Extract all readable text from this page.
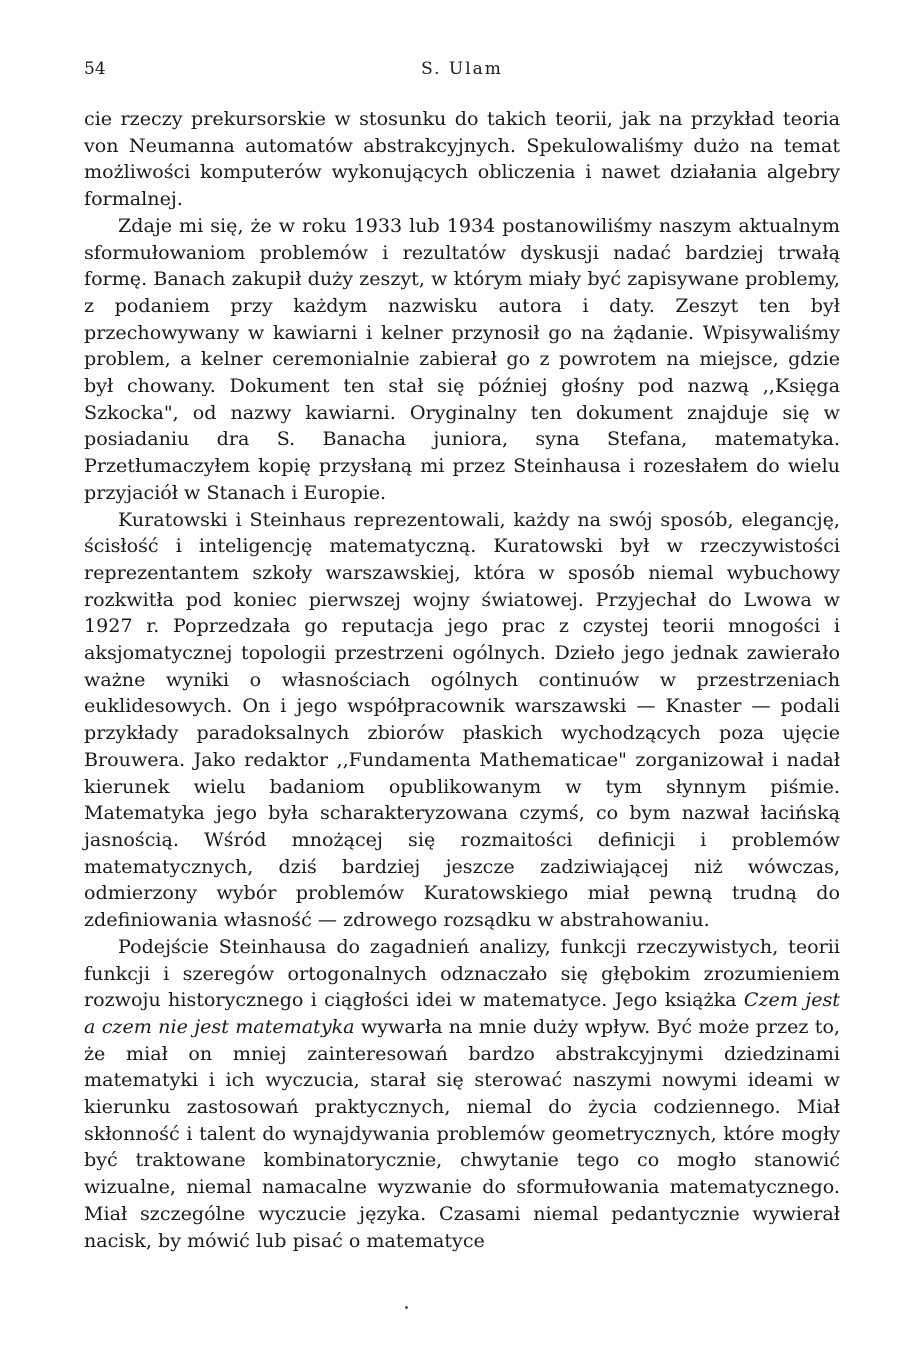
54	S. Ulam

cie rzeczy prekursorskie w stosunku do takich teorii, jak na przykład teoria von Neumanna automatów abstrakcyjnych. Spekulowaliśmy dużo na temat możliwości komputerów wykonujących obliczenia i nawet działania algebry formalnej.

Zdaje mi się, że w roku 1933 lub 1934 postanowiliśmy naszym aktualnym sformułowaniom problemów i rezultatów dyskusji nadać bardziej trwałą formę. Banach zakupił duży zeszyt, w którym miały być zapisywane problemy, z podaniem przy każdym nazwisku autora i daty. Zeszyt ten był przechowywany w kawiarni i kelner przynosił go na żądanie. Wpisywaliśmy problem, a kelner ceremonialnie zabierał go z powrotem na miejsce, gdzie był chowany. Dokument ten stał się później głośny pod nazwą ,,Księga Szkocka", od nazwy kawiarni. Oryginalny ten dokument znajduje się w posiadaniu dra S. Banacha juniora, syna Stefana, matematyka. Przetłumaczyłem kopię przysłaną mi przez Steinhausa i rozesłałem do wielu przyjaciół w Stanach i Europie.

Kuratowski i Steinhaus reprezentowali, każdy na swój sposób, elegancję, ścisłość i inteligencję matematyczną. Kuratowski był w rzeczywistości reprezentantem szkoły warszawskiej, która w sposób niemal wybuchowy rozkwitła pod koniec pierwszej wojny światowej. Przyjechał do Lwowa w 1927 r. Poprzedzała go reputacja jego prac z czystej teorii mnogości i aksjomatycznej topologii przestrzeni ogólnych. Dzieło jego jednak zawierało ważne wyniki o własnościach ogólnych continuów w przestrzeniach euklidesowych. On i jego współpracownik warszawski — Knaster — podali przykłady paradoksalnych zbiorów płaskich wychodzących poza ujęcie Brouwera. Jako redaktor ,,Fundamenta Mathematicae" zorganizował i nadał kierunek wielu badaniom opublikowanym w tym słynnym piśmie. Matematyka jego była scharakteryzowana czymś, co bym nazwał łacińską jasnością. Wśród mnożącej się rozmaitości definicji i problemów matematycznych, dziś bardziej jeszcze zadziwiającej niż wówczas, odmierzony wybór problemów Kuratowskiego miał pewną trudną do zdefiniowania własność — zdrowego rozsądku w abstrahowaniu.

Podejście Steinhausa do zagadnień analizy, funkcji rzeczywistych, teorii funkcji i szeregów ortogonalnych odznaczało się głębokim zrozumieniem rozwoju historycznego i ciągłości idei w matematyce. Jego książka Czem jest a czem nie jest matematyka wywarła na mnie duży wpływ. Być może przez to, że miał on mniej zainteresowań bardzo abstrakcyjnymi dziedzinami matematyki i ich wyczucia, starał się sterować naszymi nowymi ideami w kierunku zastosowań praktycznych, niemal do życia codziennego. Miał skłonność i talent do wynajdywania problemów geometrycznych, które mogły być traktowane kombinatorycznie, chwytanie tego co mogło stanowić wizualne, niemal namacalne wyzwanie do sformułowania matematycznego. Miał szczególne wyczucie języka. Czasami niemal pedantycznie wywierał nacisk, by mówić lub pisać o matematyce
